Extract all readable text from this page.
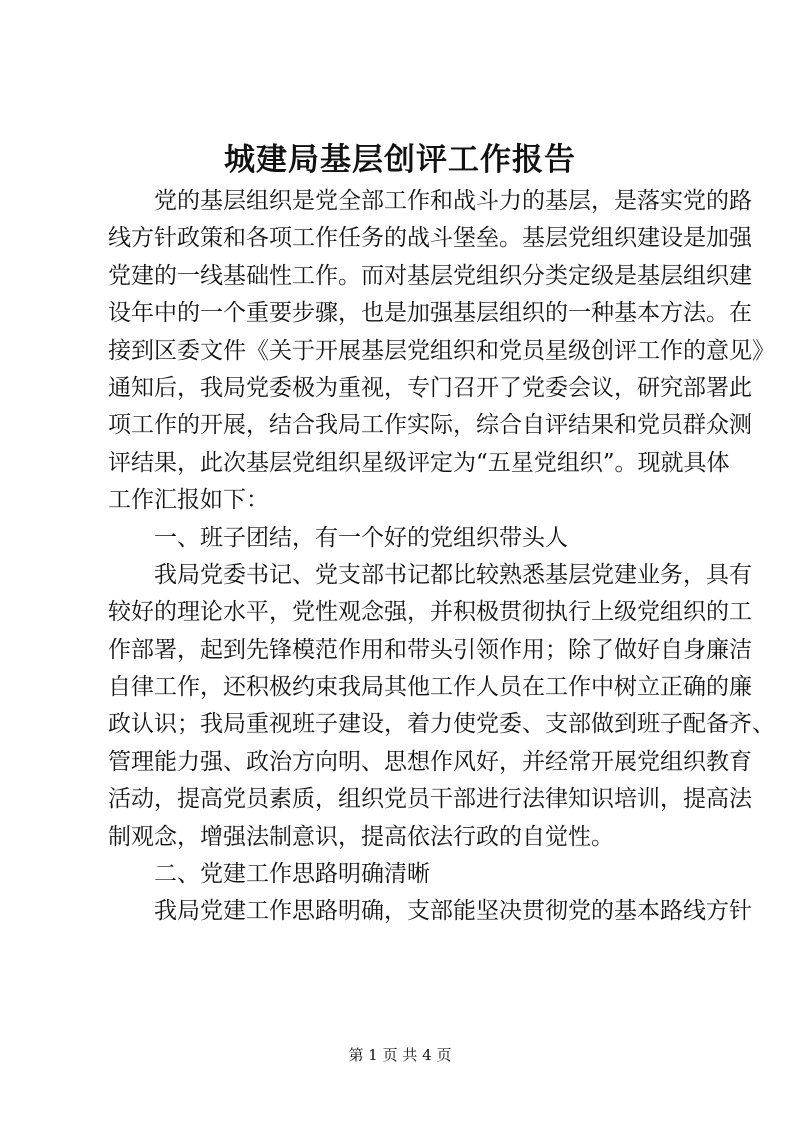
城建局基层创评工作报告
党的基层组织是党全部工作和战斗力的基层，是落实党的路
线方针政策和各项工作任务的战斗堡垒。基层党组织建设是加强
党建的一线基础性工作。而对基层党组织分类定级是基层组织建
设年中的一个重要步骤，也是加强基层组织的一种基本方法。在
接到区委文件《关于开展基层党组织和党员星级创评工作的意见》
通知后，我局党委极为重视，专门召开了党委会议，研究部署此
项工作的开展，结合我局工作实际，综合自评结果和党员群众测
评结果，此次基层党组织星级评定为“五星党组织”。现就具体
工作汇报如下：
一、班子团结，有一个好的党组织带头人
我局党委书记、党支部书记都比较熟悉基层党建业务，具有
较好的理论水平，党性观念强，并积极贯彻执行上级党组织的工
作部署，起到先锋模范作用和带头引领作用；除了做好自身廉洁
自律工作，还积极约束我局其他工作人员在工作中树立正确的廉
政认识；我局重视班子建设，着力使党委、支部做到班子配备齐、
管理能力强、政治方向明、思想作风好，并经常开展党组织教育
活动，提高党员素质，组织党员干部进行法律知识培训，提高法
制观念，增强法制意识，提高依法行政的自觉性。
二、党建工作思路明确清晰
我局党建工作思路明确，支部能坚决贯彻党的基本路线方针
第 1 页 共 4 页
